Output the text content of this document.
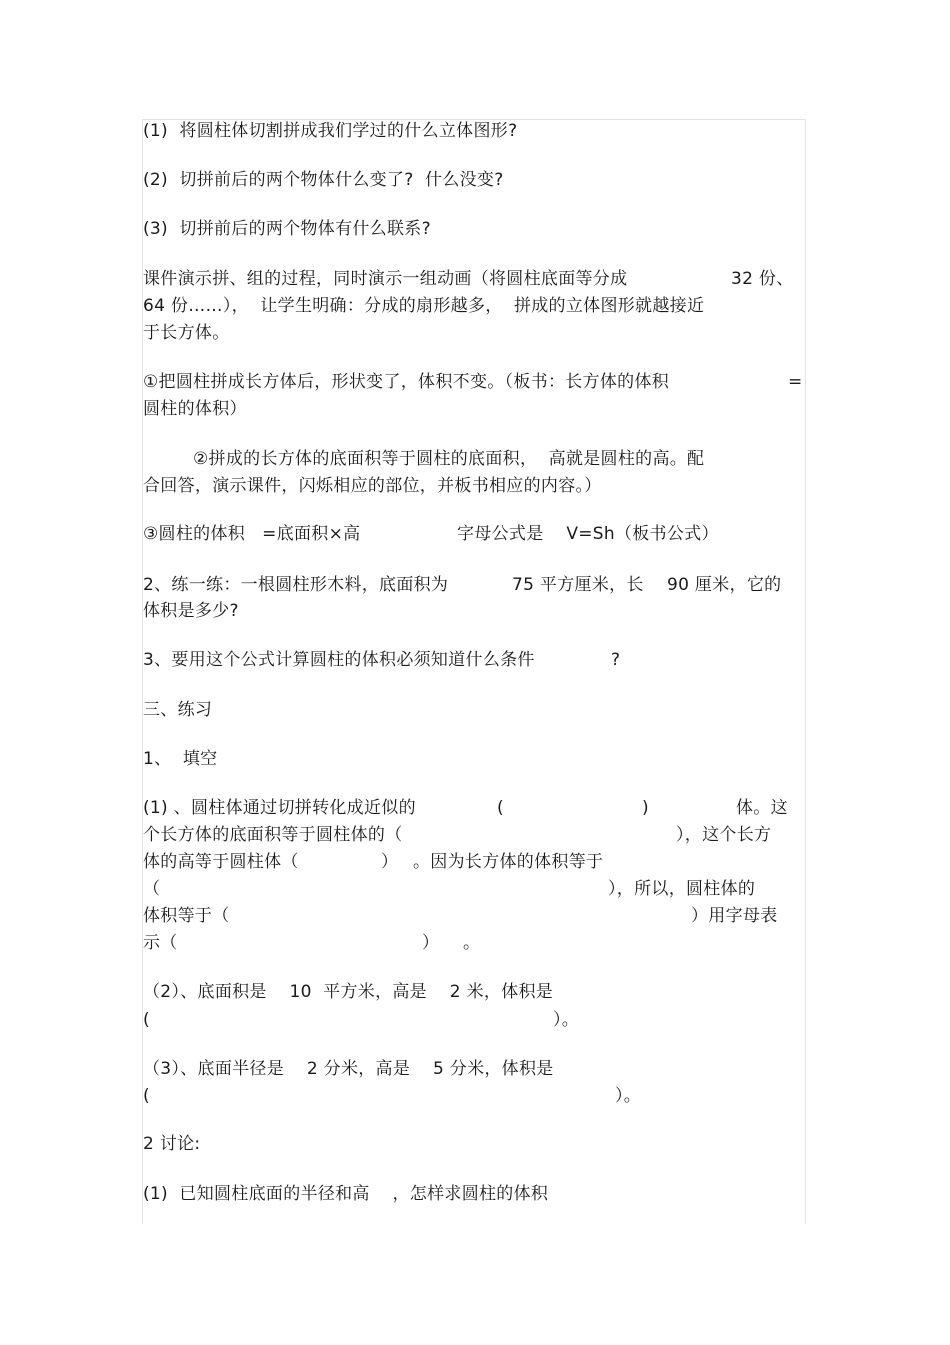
(1)  将圆柱体切割拼成我们学过的什么立体图形?
(2)  切拼前后的两个物体什么变了?  什么没变?
(3)  切拼前后的两个物体有什么联系?
课件演示拼、组的过程，同时演示一组动画（将圆柱底面等分成	32 份、
64 份……），  让学生明确：分成的扇形越多，  拼成的立体图形就越接近
于长方体。
①把圆柱拼成长方体后，形状变了，体积不变。（板书：长方体的体积	=
圆柱的体积）
②拼成的长方体的底面积等于圆柱的底面积，  高就是圆柱的高。配
合回答，演示课件，闪烁相应的部位，并板书相应的内容。）
③圆柱的体积   =底面积×高	字母公式是    V=Sh（板书公式）
2、练一练：一根圆柱形木料，底面积为	75 平方厘米，长 90 厘米，它的
体积是多少?
3、要用这个公式计算圆柱的体积必须知道什么条件	?
三、练习
1、  填空
(1) 、圆柱体通过切拼转化成近似的	(	)	体。这
个长方体的底面积等于圆柱体的（	），这个长方
体的高等于圆柱体（	） 。因为长方体的体积等于
（	），所以，圆柱体的
体积等于（	）用字母表
示（	） 。
（2）、底面积是    10  平方米，高是    2 米，体积是
(	）。
（3）、底面半径是    2 分米，高是    5 分米，体积是
(	）。
2 讨论:
(1)  已知圆柱底面的半径和高    ，怎样求圆柱的体积
